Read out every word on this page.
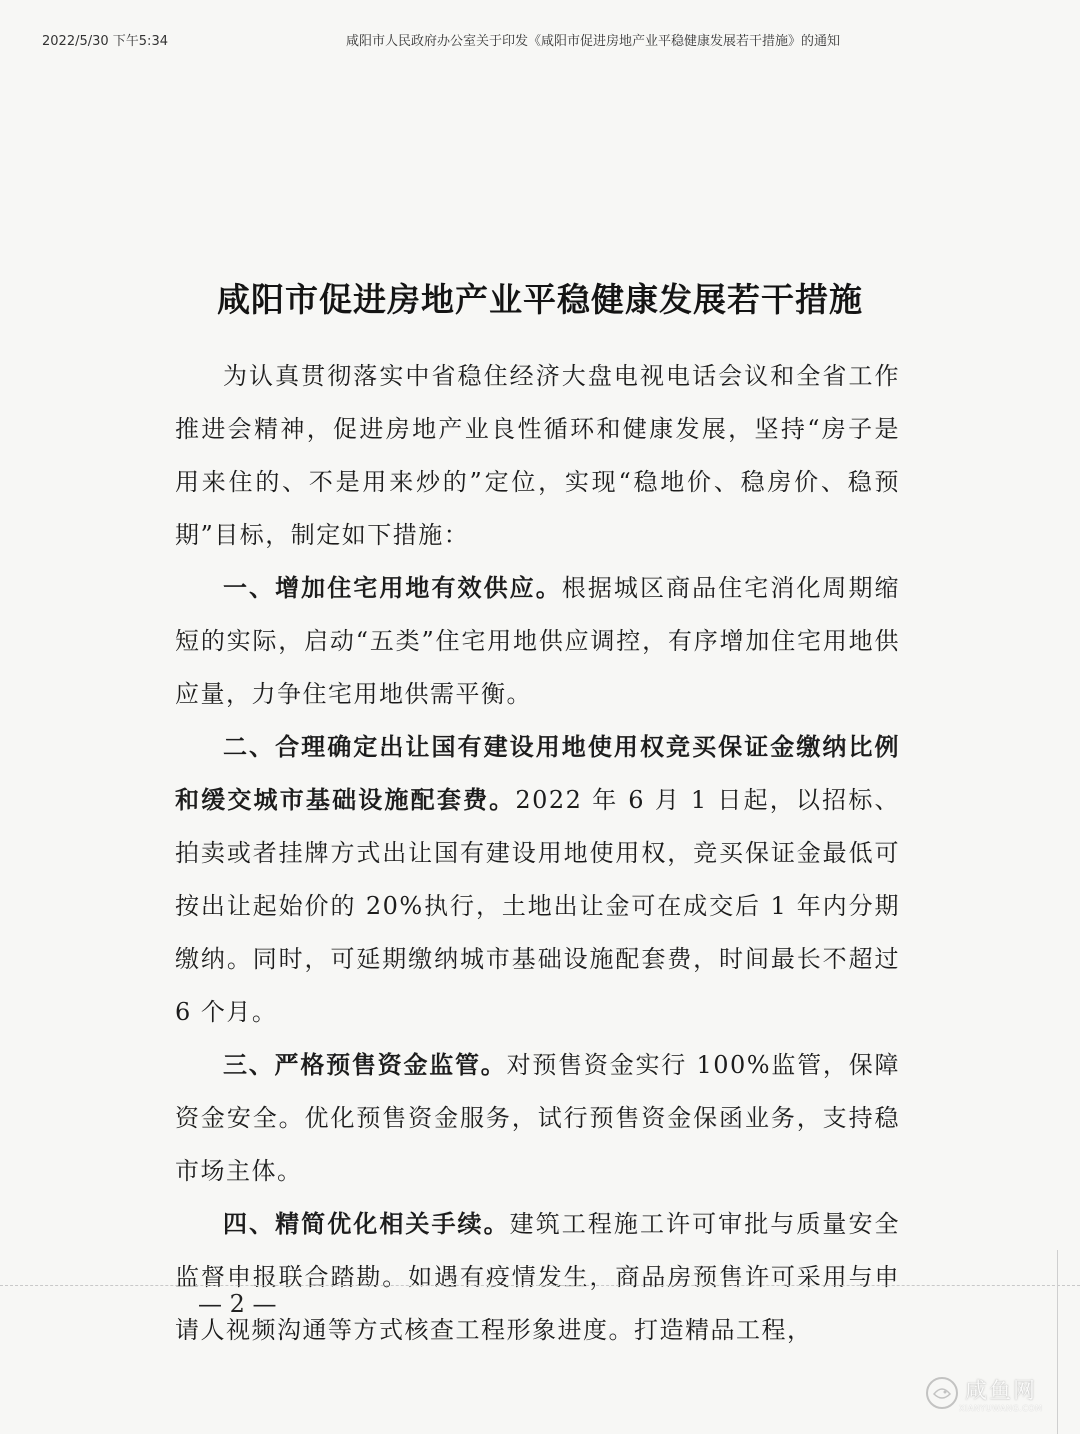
2022/5/30 下午5:34	咸阳市人民政府办公室关于印发《咸阳市促进房地产业平稳健康发展若干措施》的通知
咸阳市促进房地产业平稳健康发展若干措施

为认真贯彻落实中省稳住经济大盘电视电话会议和全省工作推进会精神，促进房地产业良性循环和健康发展，坚持“房子是用来住的、不是用来炒的”定位，实现“稳地价、稳房价、稳预期”目标，制定如下措施：

一、增加住宅用地有效供应。根据城区商品住宅消化周期缩短的实际，启动“五类”住宅用地供应调控，有序增加住宅用地供应量，力争住宅用地供需平衡。

二、合理确定出让国有建设用地使用权竞买保证金缴纳比例和缓交城市基础设施配套费。2022 年 6 月 1 日起，以招标、拍卖或者挂牌方式出让国有建设用地使用权，竞买保证金最低可按出让起始价的 20%执行，土地出让金可在成交后 1 年内分期缴纳。同时，可延期缴纳城市基础设施配套费，时间最长不超过 6 个月。

三、严格预售资金监管。对预售资金实行 100%监管，保障资金安全。优化预售资金服务，试行预售资金保函业务，支持稳市场主体。

四、精简优化相关手续。建筑工程施工许可审批与质量安全监督申报联合踏勘。如遇有疫情发生，商品房预售许可采用与申请人视频沟通等方式核查工程形象进度。打造精品工程，

— 2 —
咸鱼网
XIANYUWANG.COM
